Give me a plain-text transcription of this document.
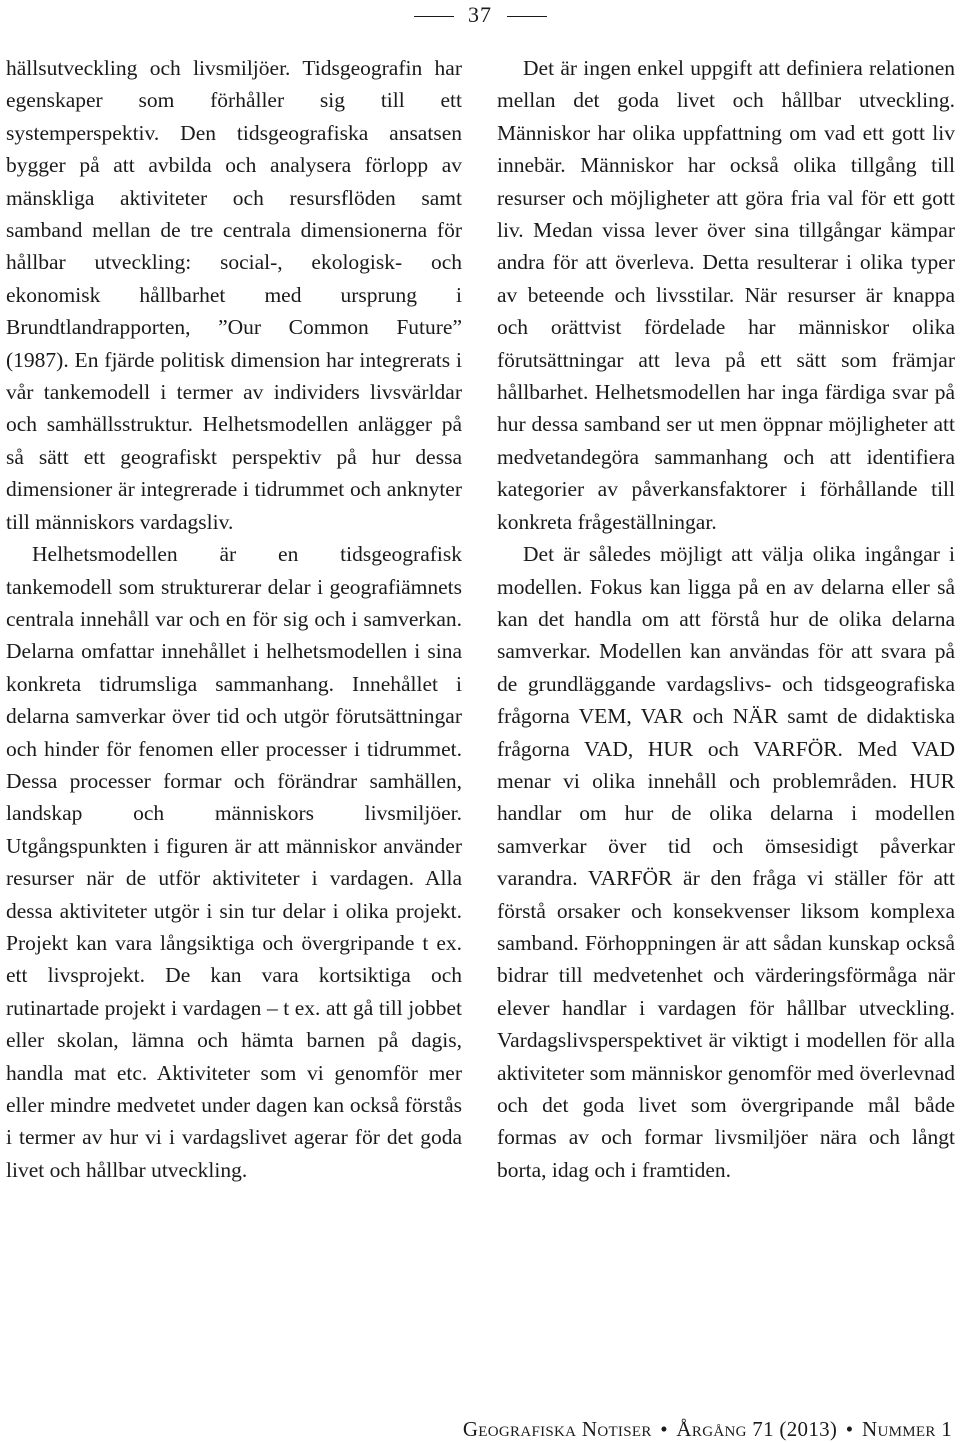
37

hällsutveckling och livsmiljöer. Tidsgeografin har egenskaper som förhåller sig till ett systemperspektiv. Den tidsgeografiska ansatsen bygger på att avbilda och analysera förlopp av mänskliga aktiviteter och resursflöden samt samband mellan de tre centrala dimensionerna för hållbar utveckling: social-, ekologisk- och ekonomisk hållbarhet med ursprung i Brundtlandrapporten, ”Our Common Future” (1987). En fjärde politisk dimension har integrerats i vår tankemodell i termer av individers livsvärldar och samhällsstruktur. Helhetsmodellen anlägger på så sätt ett geografiskt perspektiv på hur dessa dimensioner är integrerade i tidrummet och anknyter till människors vardagsliv.

Helhetsmodellen är en tidsgeografisk tankemodell som strukturerar delar i geografiämnets centrala innehåll var och en för sig och i samverkan. Delarna omfattar innehållet i helhetsmodellen i sina konkreta tidrumsliga sammanhang. Innehållet i delarna samverkar över tid och utgör förutsättningar och hinder för fenomen eller processer i tidrummet. Dessa processer formar och förändrar samhällen, landskap och människors livsmiljöer. Utgångspunkten i figuren är att människor använder resurser när de utför aktiviteter i vardagen. Alla dessa aktiviteter utgör i sin tur delar i olika projekt. Projekt kan vara långsiktiga och övergripande t ex. ett livsprojekt. De kan vara kortsiktiga och rutinartade projekt i vardagen – t ex. att gå till jobbet eller skolan, lämna och hämta barnen på dagis, handla mat etc. Aktiviteter som vi genomför mer eller mindre medvetet under dagen kan också förstås i termer av hur vi i vardagslivet agerar för det goda livet och hållbar utveckling.

Det är ingen enkel uppgift att definiera relationen mellan det goda livet och hållbar utveckling. Människor har olika uppfattning om vad ett gott liv innebär. Människor har också olika tillgång till resurser och möjligheter att göra fria val för ett gott liv. Medan vissa lever över sina tillgångar kämpar andra för att överleva. Detta resulterar i olika typer av beteende och livsstilar. När resurser är knappa och orättvist fördelade har människor olika förutsättningar att leva på ett sätt som främjar hållbarhet. Helhetsmodellen har inga färdiga svar på hur dessa samband ser ut men öppnar möjligheter att medvetandegöra sammanhang och att identifiera kategorier av påverkansfaktorer i förhållande till konkreta frågeställningar.

Det är således möjligt att välja olika ingångar i modellen. Fokus kan ligga på en av delarna eller så kan det handla om att förstå hur de olika delarna samverkar. Modellen kan användas för att svara på de grundläggande vardagslivs- och tidsgeografiska frågorna VEM, VAR och NÄR samt de didaktiska frågorna VAD, HUR och VARFÖR. Med VAD menar vi olika innehåll och problemråden. HUR handlar om hur de olika delarna i modellen samverkar över tid och ömsesidigt påverkar varandra. VARFÖR är den fråga vi ställer för att förstå orsaker och konsekvenser liksom komplexa samband. Förhoppningen är att sådan kunskap också bidrar till medvetenhet och värderingsförmåga när elever handlar i vardagen för hållbar utveckling. Vardagslivsperspektivet är viktigt i modellen för alla aktiviteter som människor genomför med överlevnad och det goda livet som övergripande mål både formas av och formar livsmiljöer nära och långt borta, idag och i framtiden.

Geografiska Notiser • Årgång 71 (2013) • Nummer 1
